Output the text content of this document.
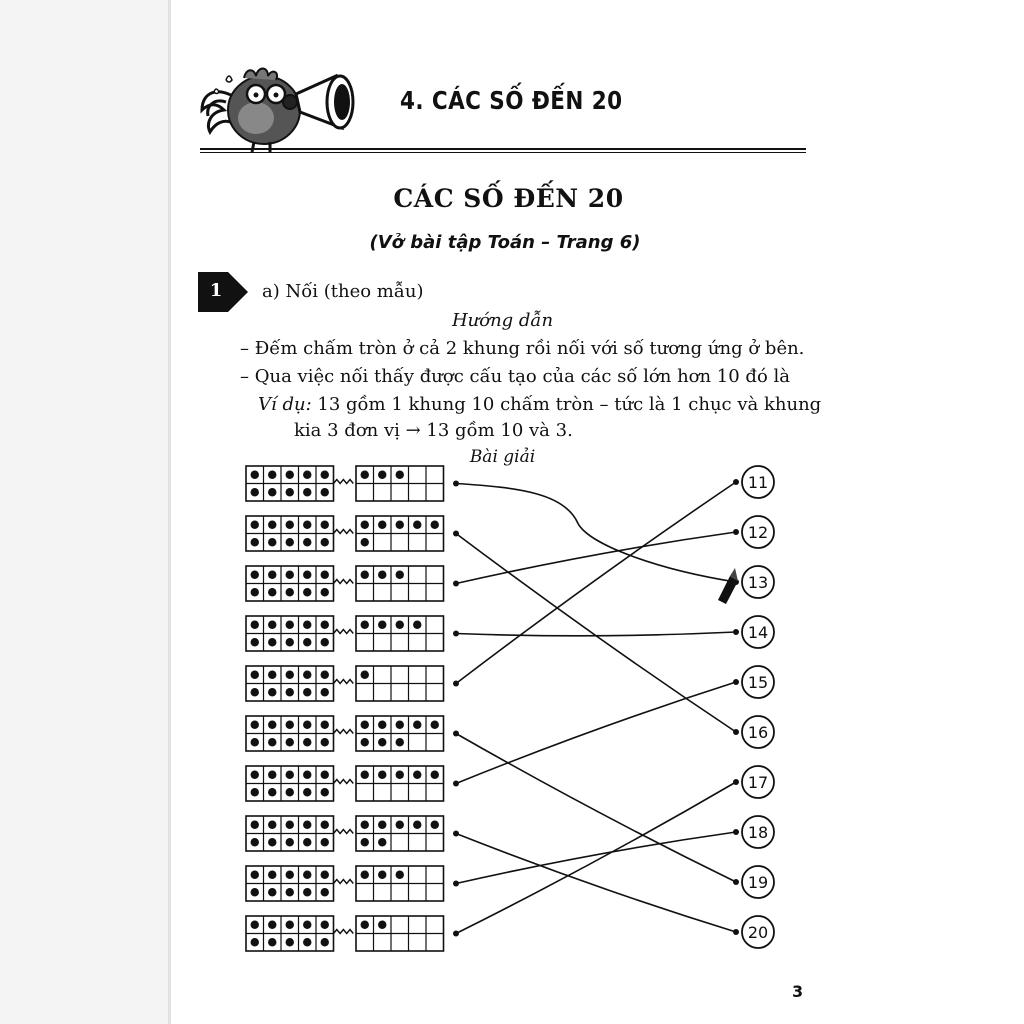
4. CÁC SỐ ĐẾN 20
CÁC SỐ ĐẾN 20
(Vở bài tập Toán – Trang 6)
1	a) Nối (theo mẫu)
Hướng dẫn
– Đếm chấm tròn ở cả 2 khung rồi nối với số tương ứng ở bên.
– Qua việc nối thấy được cấu tạo của các số lớn hơn 10 đó là
Ví dụ: 13 gồm 1 khung 10 chấm tròn – tức là 1 chục và khung
kia 3 đơn vị → 13 gồm 10 và 3.
Bài giải
11
12
13
14
15
16
17
18
19
20
3
